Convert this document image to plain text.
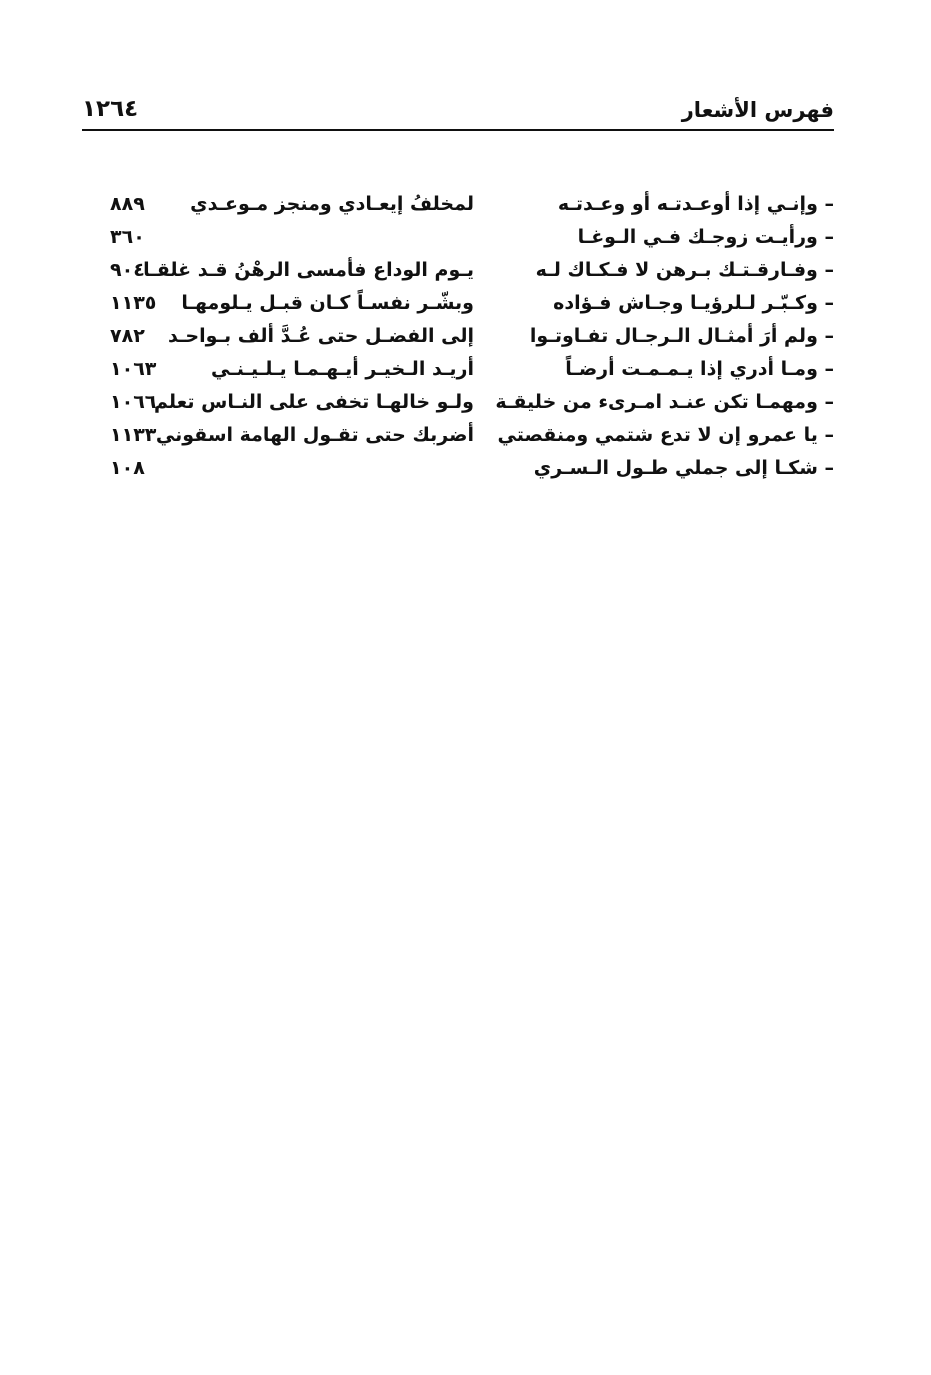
فهرس الأشعار
١٢٦٤
– وإنـي إذا أوعـدتـه أو وعـدتـه
لمخلفُ إيعـادي ومنجز مـوعـدي
٨٨٩
– ورأيـت زوجـك فـي الـوغـا
٣٦٠
– وفـارقـتـك بـرهن لا فـكـاك لـه
يـوم الوداع فأمسى الرهْنُ قـد غلقـا
٩٠٤
– وكـبّـر لـلرؤيـا وجـاش فـؤاده
وبشّـر نفسـاً كـان قبـل يـلومهـا
١١٣٥
– ولم أرَ أمثـال الـرجـال تفـاوتـوا
إلى الفضـل حتى عُـدَّ ألف بـواحـد
٧٨٢
– ومـا أدري إذا يـمـمـت أرضـاً
أريـد الـخيـر أيـهـمـا يـلـيـنـي
١٠٦٣
– ومهمـا تكن عنـد امـرىء من خليقـة
ولـو خالهـا تخفى على النـاس تعلم
١٠٦٦
– يا عمرو إن لا تدع شتمي ومنقصتي
أضربك حتى تقـول الهامة اسقوني
١١٣٣
– شكـا إلى جملي طـول الـسـري
١٠٨
